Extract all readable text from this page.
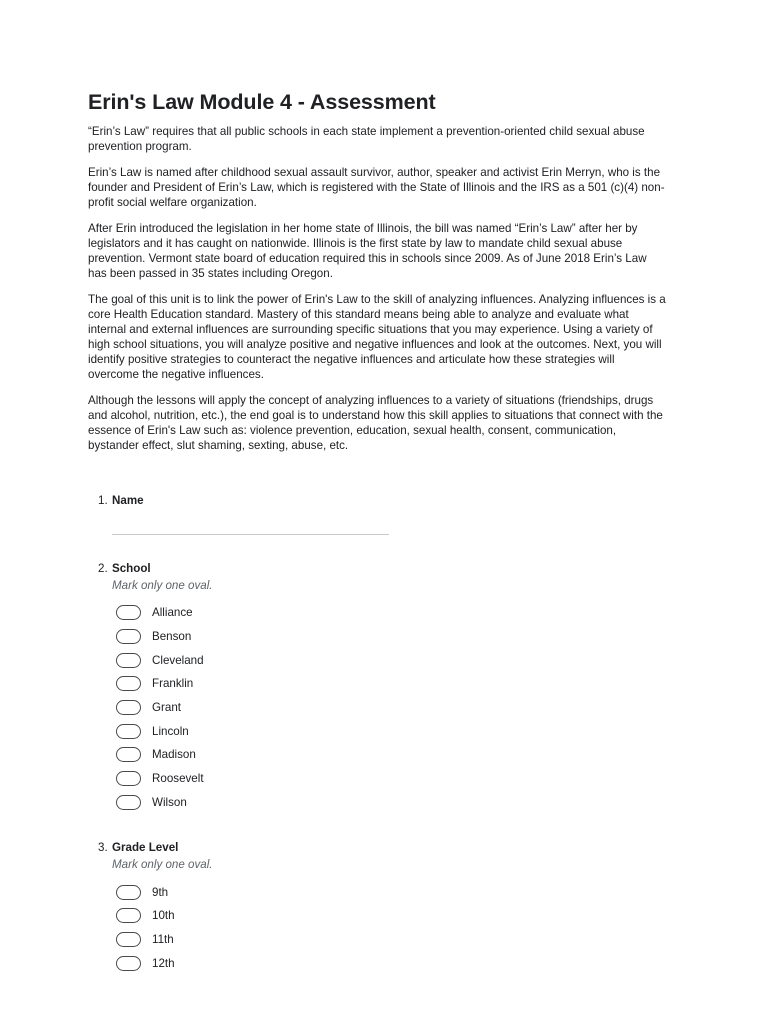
Erin's Law Module 4 - Assessment

“Erin’s Law” requires that all public schools in each state implement a prevention-oriented child sexual abuse prevention program.

Erin’s Law is named after childhood sexual assault survivor, author, speaker and activist Erin Merryn, who is the founder and President of Erin’s Law, which is registered with the State of Illinois and the IRS as a 501 (c)(4) non-profit social welfare organization.

After Erin introduced the legislation in her home state of Illinois, the bill was named “Erin’s Law” after her by legislators and it has caught on nationwide. Illinois is the first state by law to mandate child sexual abuse prevention. Vermont state board of education required this in schools since 2009. As of June 2018 Erin’s Law has been passed in 35 states including Oregon.

The goal of this unit is to link the power of Erin's Law to the skill of analyzing influences. Analyzing influences is a core Health Education standard. Mastery of this standard means being able to analyze and evaluate what internal and external influences are surrounding specific situations that you may experience. Using a variety of high school situations, you will analyze positive and negative influences and look at the outcomes. Next, you will identify positive strategies to counteract the negative influences and articulate how these strategies will overcome the negative influences.

Although the lessons will apply the concept of analyzing influences to a variety of situations (friendships, drugs and alcohol, nutrition, etc.), the end goal is to understand how this skill applies to situations that connect with the essence of Erin's Law such as: violence prevention, education, sexual health, consent, communication, bystander effect, slut shaming, sexting, abuse, etc.

1. Name
2. School
Mark only one oval.
Alliance
Benson
Cleveland
Franklin
Grant
Lincoln
Madison
Roosevelt
Wilson
3. Grade Level
Mark only one oval.
9th
10th
11th
12th
